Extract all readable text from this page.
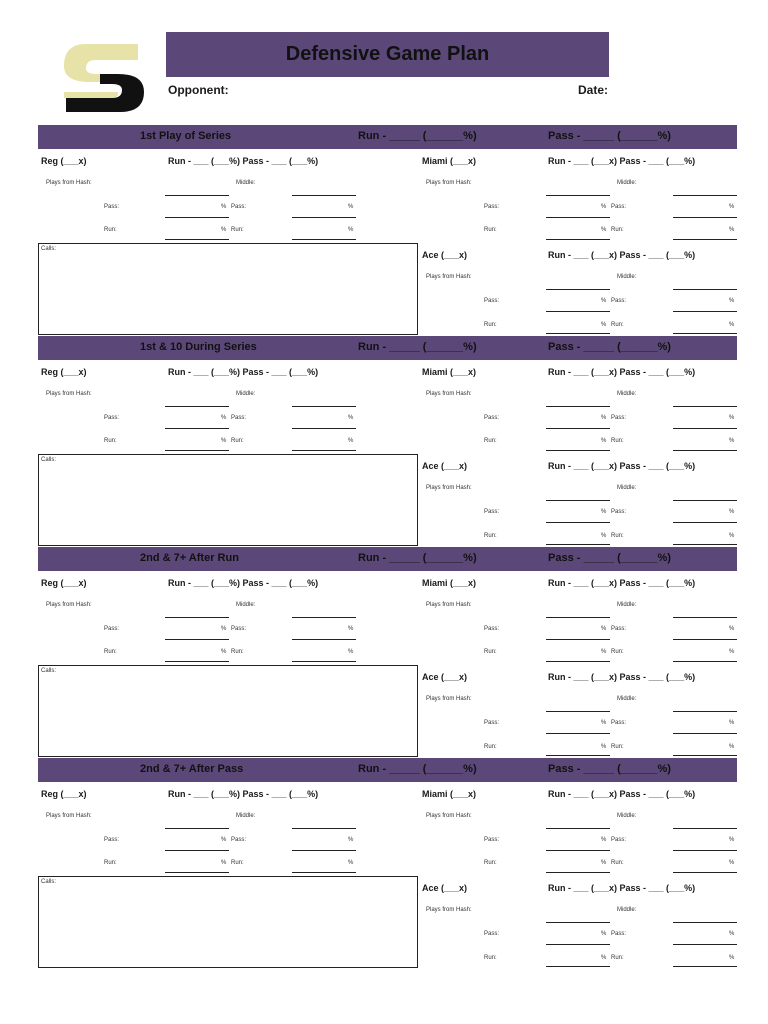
Defensive Game Plan
Opponent:	Date:
1st Play of Series	Run - _____ (______%)	Pass - _____ (______%)
Reg (___x)	Run - ___ (___%) Pass - ___ (___%)
Plays from Hash:	Middle:
Pass:	% Pass:	%
Run:	% Run:	%
Calls:
Miami (___x)	Run - ___ (___x) Pass - ___ (___%)
Plays from Hash:	Middle:
Pass:	% Pass:	%
Run:	% Run:	%
Ace (___x)	Run - ___ (___x) Pass - ___ (___%)
Plays from Hash:	Middle:
Pass:	% Pass:	%
Run:	% Run:	%
1st & 10 During Series	Run - _____ (______%)	Pass - _____ (______%)
Reg (___x)	Run - ___ (___%) Pass - ___ (___%)
Plays from Hash:	Middle:
Pass:	% Pass:	%
Run:	% Run:	%
Calls:
Miami (___x)	Run - ___ (___x) Pass - ___ (___%)
Plays from Hash:	Middle:
Pass:	% Pass:	%
Run:	% Run:	%
Ace (___x)	Run - ___ (___x) Pass - ___ (___%)
Plays from Hash:	Middle:
Pass:	% Pass:	%
Run:	% Run:	%
2nd & 7+ After Run	Run - _____ (______%)	Pass - _____ (______%)
Reg (___x)	Run - ___ (___%) Pass - ___ (___%)
Plays from Hash:	Middle:
Pass:	% Pass:	%
Run:	% Run:	%
Calls:
Miami (___x)	Run - ___ (___x) Pass - ___ (___%)
Plays from Hash:	Middle:
Pass:	% Pass:	%
Run:	% Run:	%
Ace (___x)	Run - ___ (___x) Pass - ___ (___%)
Plays from Hash:	Middle:
Pass:	% Pass:	%
Run:	% Run:	%
2nd & 7+ After Pass	Run - _____ (______%)	Pass - _____ (______%)
Reg (___x)	Run - ___ (___%) Pass - ___ (___%)
Plays from Hash:	Middle:
Pass:	% Pass:	%
Run:	% Run:	%
Calls:
Miami (___x)	Run - ___ (___x) Pass - ___ (___%)
Plays from Hash:	Middle:
Pass:	% Pass:	%
Run:	% Run:	%
Ace (___x)	Run - ___ (___x) Pass - ___ (___%)
Plays from Hash:	Middle:
Pass:	% Pass:	%
Run:	% Run:	%
